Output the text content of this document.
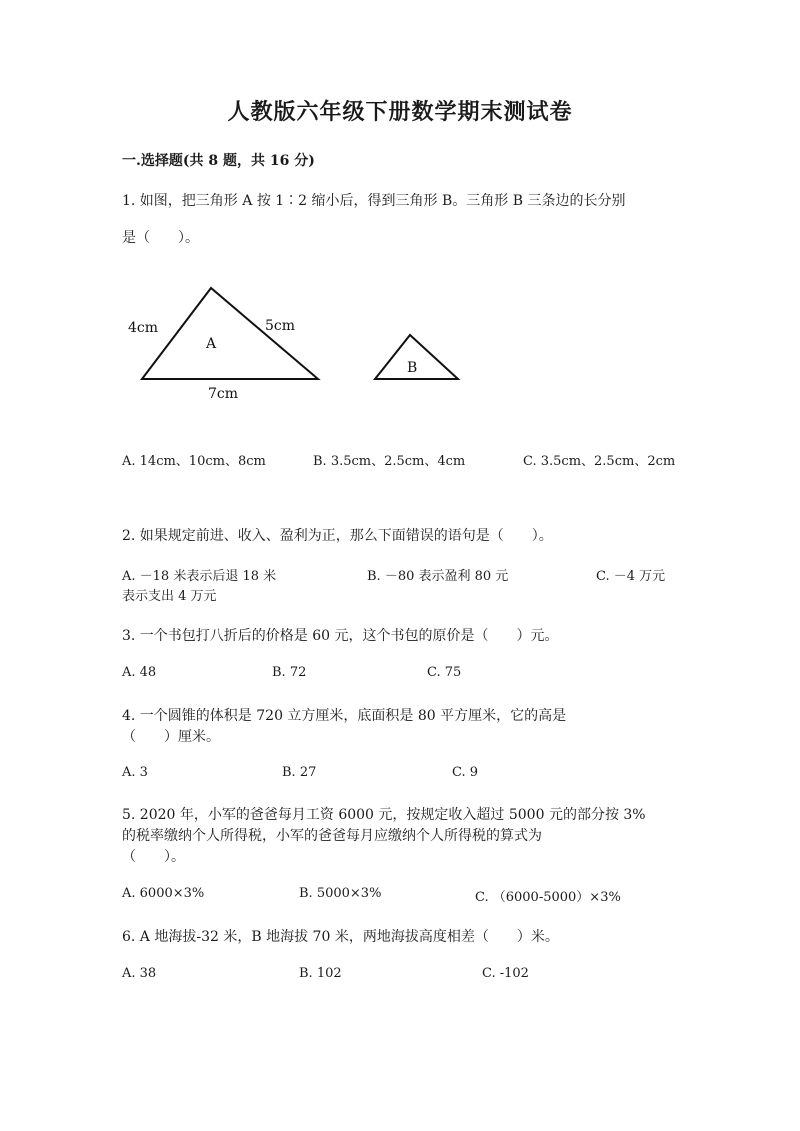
人教版六年级下册数学期末测试卷
一.选择题(共 8 题，共 16 分)
1. 如图，把三角形 A 按 1∶2 缩小后，得到三角形 B。三角形 B 三条边的长分别
是（　　）。
A
B
4cm	5cm
7cm
A. 14cm、10cm、8cm	B. 3.5cm、2.5cm、4cm	C. 3.5cm、2.5cm、2cm
2. 如果规定前进、收入、盈利为正，那么下面错误的语句是（　　）。
A. －18 米表示后退 18 米	B. －80 表示盈利 80 元	C. －4 万元
表示支出 4 万元
3. 一个书包打八折后的价格是 60 元，这个书包的原价是（　　）元。
A. 48	B. 72	C. 75
4. 一个圆锥的体积是 720 立方厘米，底面积是 80 平方厘米，它的高是
（　　）厘米。
A. 3	B. 27	C. 9
5. 2020 年，小军的爸爸每月工资 6000 元，按规定收入超过 5000 元的部分按 3%
的税率缴纳个人所得税，小军的爸爸每月应缴纳个人所得税的算式为
（　　）。
A. 6000×3%	B. 5000×3%	C. （6000-5000）×3%
6. A 地海拔-32 米，B 地海拔 70 米，两地海拔高度相差（　　）米。
A. 38	B. 102	C. -102
